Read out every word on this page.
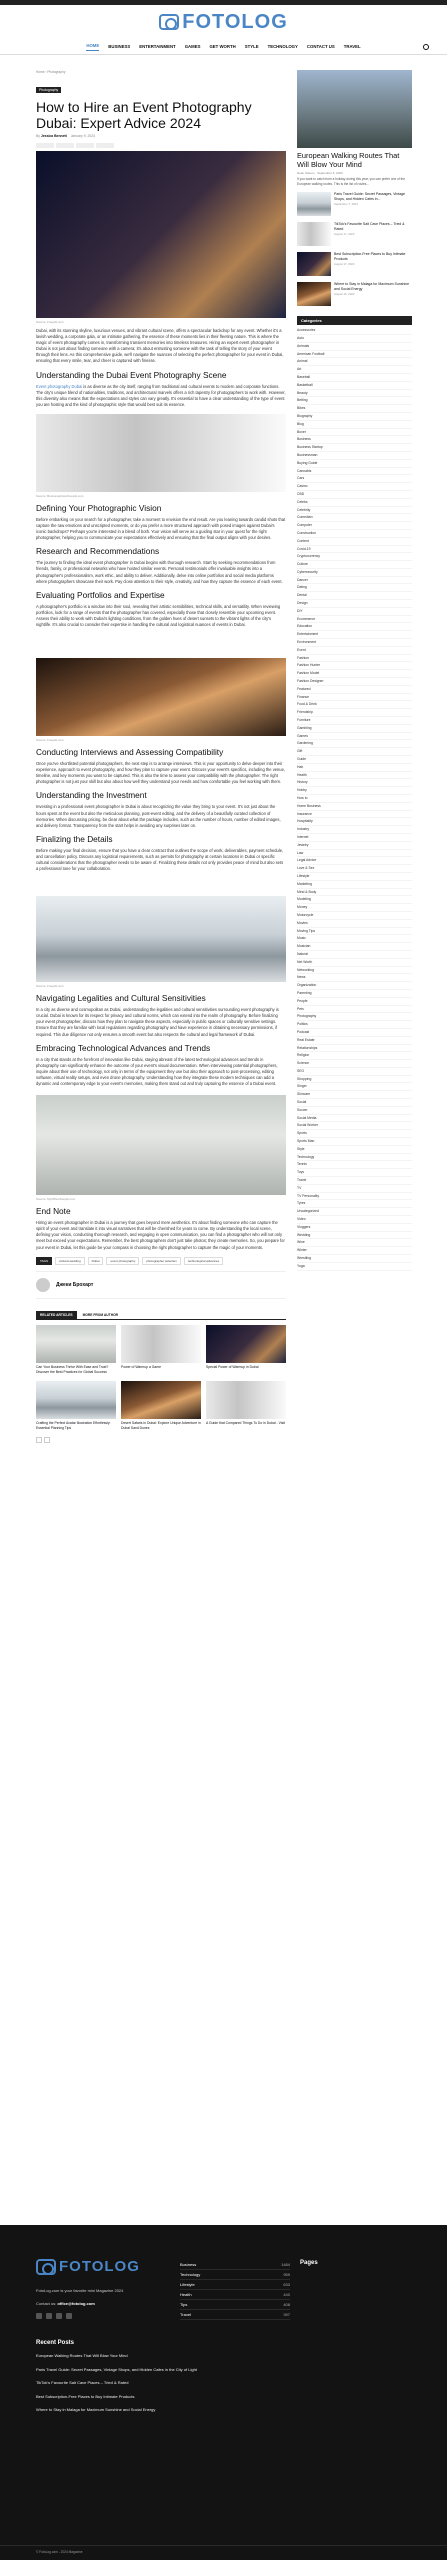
FOTOLOG
HOME BUSINESS ENTERTAINMENT GAMES GET WORTH STYLE TECHNOLOGY CONTACT US TRAVEL
Home › Photography
Photography
How to Hire an Event Photography Dubai: Expert Advice 2024
By Jessica Bennett January 9, 2024
Source: Freepik.com

Dubai, with its stunning skyline, luxurious venues, and vibrant cultural scene, offers a spectacular backdrop for any event. Whether it's a lavish wedding, a corporate gala, or an intimate gathering, the essence of these moments lies in their fleeting nature. This is where the magic of event photography comes in, transforming transient memories into timeless treasures. Hiring an expert event photographer in Dubai is not just about finding someone with a camera; it's about entrusting someone with the task of telling the story of your event through their lens. As this comprehensive guide, we'll navigate the nuances of selecting the perfect photographer for your event in Dubai, ensuring that every smile, tear, and cheer is captured with finesse.

Understanding the Dubai Event Photography Scene

Event photography Dubai is as diverse as the city itself, ranging from traditional and cultural events to modern and corporate functions. The city's unique blend of nationalities, traditions, and architectural marvels offers a rich tapestry for photographers to work with. However, this diversity also means that the expectations and styles can vary greatly. It's essential to have a clear understanding of the type of event you are hosting and the kind of photographic style that would best suit its essence.

Source: BusinessphotoFreepik.com
Defining Your Photographic Vision

Before embarking on your search for a photographer, take a moment to envision the end result. Are you leaning towards candid shots that capture the raw emotions and unscripted moments, or do you prefer a more structured approach with posed images against Dubai's iconic backdrops? Perhaps you're interested in a blend of both. Your vision will serve as a guiding star in your quest for the right photographer, helping you to communicate your expectations effectively and ensuring that the final output aligns with your desires.

Research and Recommendations

The journey to finding the ideal event photographer in Dubai begins with thorough research. Start by seeking recommendations from friends, family, or professional networks who have hosted similar events. Personal testimonials offer invaluable insights into a photographer's professionalism, work ethic, and ability to deliver. Additionally, delve into online portfolios and social media platforms where photographers showcase their work. Pay close attention to their style, creativity, and how they capture the essence of each event.

Evaluating Portfolios and Expertise

A photographer's portfolio is a window into their soul, revealing their artistic sensibilities, technical skills, and versatility. When reviewing portfolios, look for a range of events that the photographer has covered, especially those that closely resemble your upcoming event. Assess their ability to work with Dubai's lighting conditions, from the golden hues of desert sunsets to the vibrant lights of the city's nightlife. It's also crucial to consider their expertise in handling the cultural and logistical nuances of events in Dubai.

Source: Freepik.com
Conducting Interviews and Assessing Compatibility

Once you've shortlisted potential photographers, the next step is to arrange interviews. This is your opportunity to delve deeper into their experience, approach to event photography, and how they plan to capture your event. Discuss your event's specifics, including the venue, timeline, and key moments you want to be captured. This is also the time to assess your compatibility with the photographer. The right photographer is not just your skill but also about how well they understand your needs and how comfortable you feel working with them.

Understanding the Investment

Investing in a professional event photographer in Dubai is about recognizing the value they bring to your event. It's not just about the hours spent at the event but also the meticulous planning, post-event editing, and the delivery of a beautifully curated collection of memories. When discussing pricing, be clear about what the package includes, such as the number of hours, number of edited images, and delivery format. Transparency from the start helps in avoiding any surprises later on.

Finalizing the Details

Before making your final decision, ensure that you have a clear contract that outlines the scope of work, deliverables, payment schedule, and cancellation policy. Discuss any logistical requirements, such as permits for photography at certain locations in Dubai or specific cultural considerations that the photographer needs to be aware of. Finalizing these details not only provides peace of mind but also sets a professional tone for your collaboration.

Source: Freepik.com
Navigating Legalities and Cultural Sensitivities

In a city as diverse and cosmopolitan as Dubai, understanding the legalities and cultural sensitivities surrounding event photography is crucial. Dubai is known for its respect for privacy and cultural norms, which can extend into the realm of photography. Before finalizing your event photographer, discuss how they plan to navigate these aspects, especially in public spaces or culturally sensitive settings. Ensure that they are familiar with local regulations regarding photography and have experience in obtaining necessary permissions, if required. This due diligence not only ensures a smooth event but also respects the cultural and legal framework of Dubai.

Embracing Technological Advances and Trends

In a city that stands at the forefront of innovation like Dubai, staying abreast of the latest technological advances and trends in photography can significantly enhance the outcome of your event's visual documentation. When interviewing potential photographers, inquire about their use of technology, not only in terms of the equipment they use but also their approach to post-processing, editing software, virtual reality setups, and even drone photography. Understanding how they integrate these modern techniques can add a dynamic and contemporary edge to your event's memories, making them stand out and truly capturing the essence of a Dubai event.

Source: MyOffice/freepik.com
End Note

Hiring an event photographer in Dubai is a journey that goes beyond mere aesthetics. It's about finding someone who can capture the spirit of your event and translate it into visual narratives that will be cherished for years to come. By understanding the local scene, defining your vision, conducting thorough research, and engaging in open communication, you can find a photographer who will not only meet but exceed your expectations. Remember, the best photographers don't just take photos; they create memories. So, you prepare for your event in Dubai, let this guide be your compass in choosing the right photographer to capture the magic of your moments.

TAGS	cultural wedding	Dubai	event photography	photographer selection	technological advances
Джеки Брохарт
RELATED ARTICLES	MORE FROM AUTHOR
Can Your Business Thrive With Ease and Trust? Discover the Best Practices for Global Success
Power of Warmup a Game	Special Power of Warmup in Dubai
Crafting the Perfect Avatar Illustration Effortlessly: Essential Planning Tips
Desert Safaris in Dubai: Explore Unique Adventure in Dubai Sand Dunes
A Guide that Compared Things To Do in Dubai - Visit
European Walking Routes That Will Blow Your Mind
Dean Sebem · September 6, 2023
If you want to catch from a holiday during this year, you can prefer one of the European walking routes. This is the list of routes...
Paris Travel Guide: Secret Passages, Vintage Shops, and Hidden Cafes in...
September 7, 2023
TikTok's Favourite Salt Cave Places – Tried & Rated
August 17, 2023
Best Subscription-Free Places to Buy Intimate Products
August 17, 2023
Where to Stay in Malaga for Maximum Sunshine and Social Energy
August 16, 2023
Categories
Accessories
Auto
Animals
American Football
Animal
Art
Baseball
Basketball
Beauty
Betting
Bikes
Biography
Blog
Boxer
Business
Business Startup
Businessman
Buying Guide
Cannabis
Cars
Casino
CBD
Celebs
Celebrity
Comedian
Computer
Construction
Content
Covid-19
Cryptocurrency
Culture
Cybersecurity
Dancer
Dating
Dental
Design
DIY
Ecommerce
Education
Entertainment
Environment
Event
Fashion
Fashion Hunter
Fashion Model
Fashion Designer
Featured
Finance
Food & Drink
Friendship
Furniture
Gambling
Games
Gardening
Gift
Guide
Hair
Health
History
Hobby
How to
Home Business
Insurance
Hospitality
Industry
Internet
Jewelry
Law
Legal Advice
Love & Sex
Lifestyle
Marketing
Mind & Body
Modeling
Money
Motorcycle
Movies
Moving Tips
Music
Musician
Natural
Net Worth
Networking
News
Organization
Parenting
People
Pets
Photography
Politics
Podcast
Real Estate
Relationships
Religion
Science
SEO
Shopping
Singer
Skincare
Social
Soccer
Social Media
Social Worker
Sports
Sports Man
Style
Technology
Tennis
Toys
Travel
TV
TV Personality
Tyres
Uncategorized
Video
Vloggers
Wedding
Wine
Winter
Wrestling
Yoga
FOTOLOG
FotoLog.com is your favorite mini Magazine 2024
Contact us: office@fotolog.com
Business	1484
Technology	959
Lifestyle	633
Health	440
Tips	408
Travel	397
Pages
Recent Posts
European Walking Routes That Will Blow Your Mind
Paris Travel Guide: Secret Passages, Vintage Shops, and Hidden Cafes in the City of Light
TikTok's Favourite Salt Cave Places – Tried & Rated
Best Subscription-Free Places to Buy Intimate Products
Where to Stay in Malaga for Maximum Sunshine and Social Energy
© FotoLog.com - 2024 Magazine
